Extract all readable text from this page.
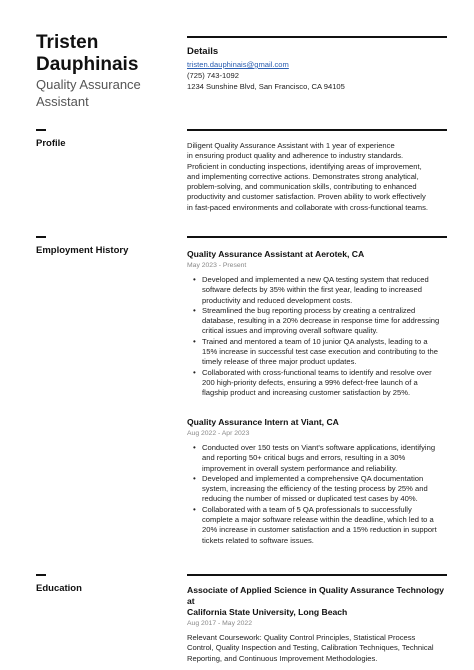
Tristen
Dauphinais
Quality Assurance
Assistant
Details
tristen.dauphinais@gmail.com
(725) 743-1092
1234 Sunshine Blvd, San Francisco, CA 94105
Profile	Diligent Quality Assurance Assistant with 1 year of experience
in ensuring product quality and adherence to industry standards.
Proficient in conducting inspections, identifying areas of improvement,
and implementing corrective actions. Demonstrates strong analytical,
problem-solving, and communication skills, contributing to enhanced
productivity and customer satisfaction. Proven ability to work effectively
in fast-paced environments and collaborate with cross-functional teams.
Employment History	Quality Assurance Assistant at Aerotek, CA
May 2023 - Present
• Developed and implemented a new QA testing system that reduced
software defects by 35% within the first year, leading to increased
productivity and reduced development costs.
• Streamlined the bug reporting process by creating a centralized
database, resulting in a 20% decrease in response time for addressing
critical issues and improving overall software quality.
• Trained and mentored a team of 10 junior QA analysts, leading to a
15% increase in successful test case execution and contributing to the
timely release of three major product updates.
• Collaborated with cross-functional teams to identify and resolve over
200 high-priority defects, ensuring a 99% defect-free launch of a
flagship product and increasing customer satisfaction by 25%.
Quality Assurance Intern at Viant, CA
Aug 2022 - Apr 2023
• Conducted over 150 tests on Viant's software applications, identifying
and reporting 50+ critical bugs and errors, resulting in a 30%
improvement in overall system performance and reliability.
• Developed and implemented a comprehensive QA documentation
system, increasing the efficiency of the testing process by 25% and
reducing the number of missed or duplicated test cases by 40%.
• Collaborated with a team of 5 QA professionals to successfully
complete a major software release within the deadline, which led to a
20% increase in customer satisfaction and a 15% reduction in support
tickets related to software issues.
Education	Associate of Applied Science in Quality Assurance Technology at
California State University, Long Beach
Aug 2017 - May 2022
Relevant Coursework: Quality Control Principles, Statistical Process
Control, Quality Inspection and Testing, Calibration Techniques, Technical
Reporting, and Continuous Improvement Methodologies.
